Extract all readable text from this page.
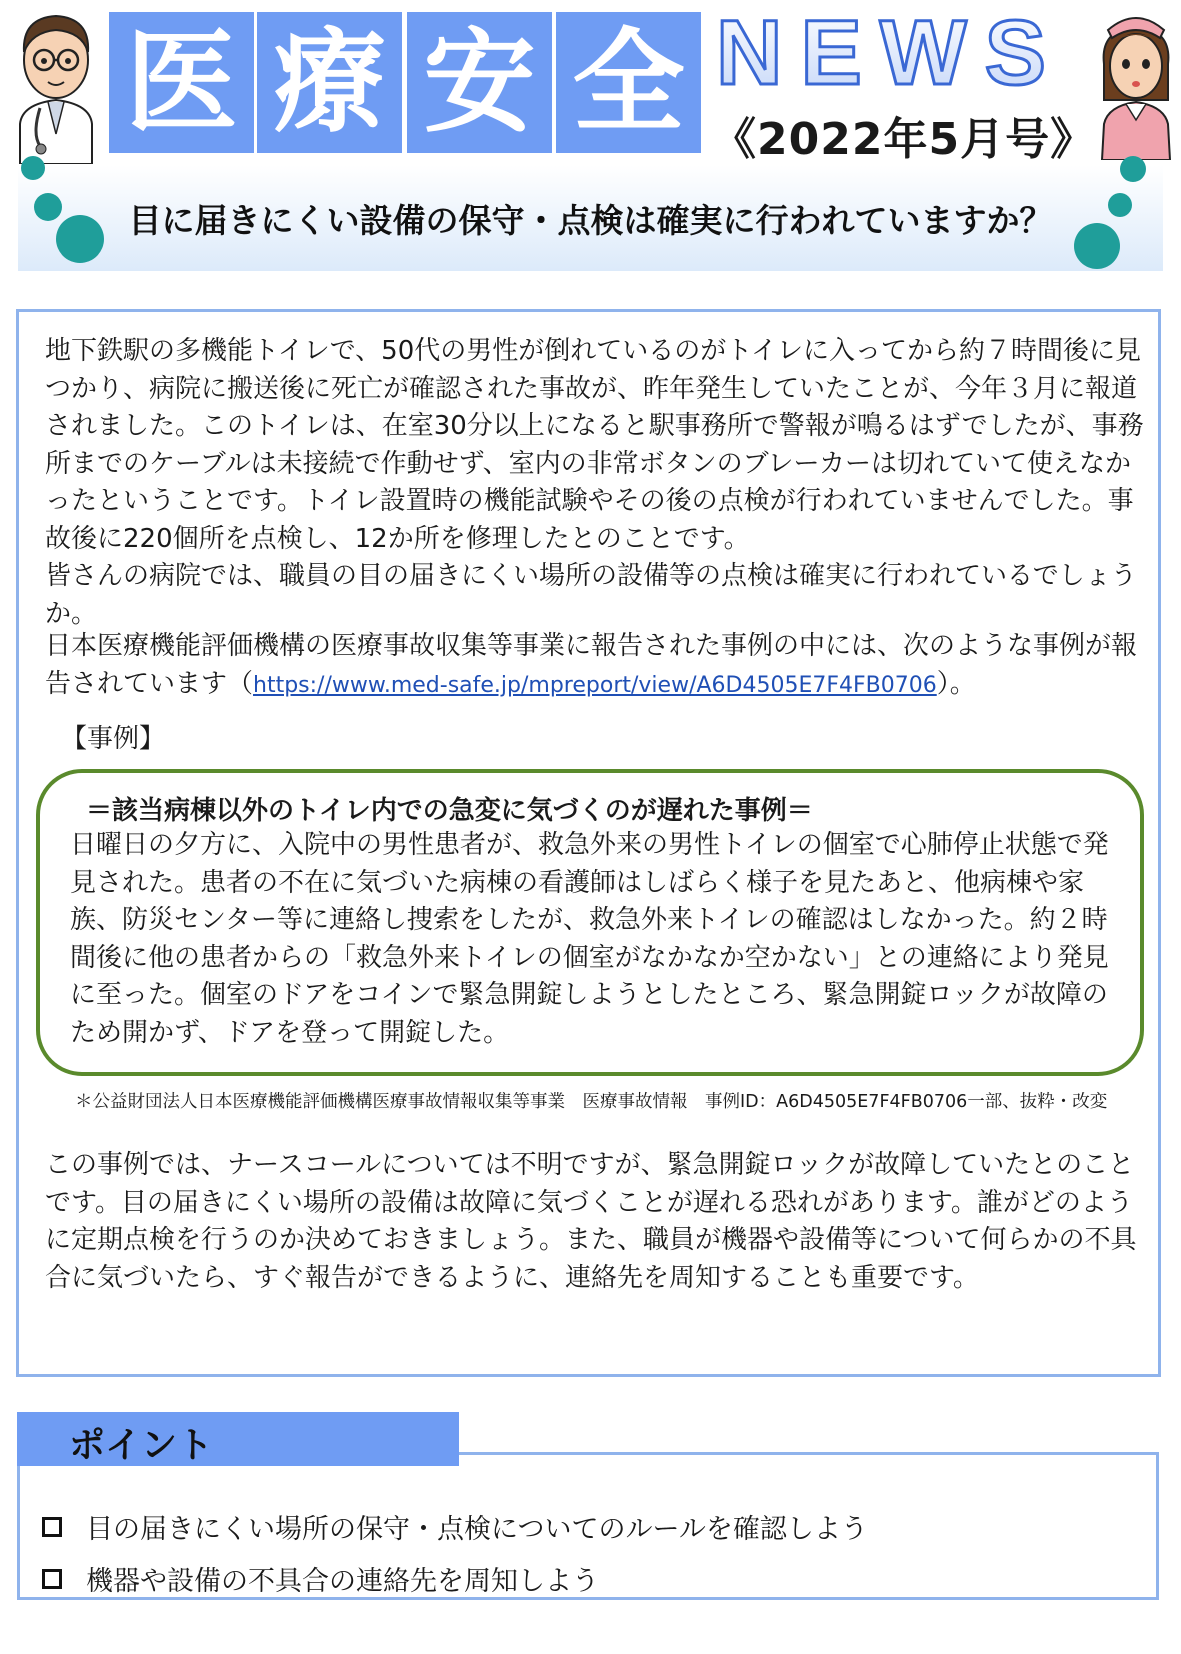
医 療 安 全 NEWS
《2022年5月号》
目に届きにくい設備の保守・点検は確実に行われていますか？
地下鉄駅の多機能トイレで、50代の男性が倒れているのがトイレに入ってから約７時間後に見つかり、病院に搬送後に死亡が確認された事故が、昨年発生していたことが、今年３月に報道されました。このトイレは、在室30分以上になると駅事務所で警報が鳴るはずでしたが、事務所までのケーブルは未接続で作動せず、室内の非常ボタンのブレーカーは切れていて使えなかったということです。トイレ設置時の機能試験やその後の点検が行われていませんでした。事故後に220個所を点検し、12か所を修理したとのことです。
皆さんの病院では、職員の目の届きにくい場所の設備等の点検は確実に行われているでしょうか。
日本医療機能評価機構の医療事故収集等事業に報告された事例の中には、次のような事例が報告されています（https://www.med-safe.jp/mpreport/view/A6D4505E7F4FB0706）。
【事例】
＝該当病棟以外のトイレ内での急変に気づくのが遅れた事例＝
日曜日の夕方に、入院中の男性患者が、救急外来の男性トイレの個室で心肺停止状態で発見された。患者の不在に気づいた病棟の看護師はしばらく様子を見たあと、他病棟や家族、防災センター等に連絡し捜索をしたが、救急外来トイレの確認はしなかった。約２時間後に他の患者からの「救急外来トイレの個室がなかなか空かない」との連絡により発見に至った。個室のドアをコインで緊急開錠しようとしたところ、緊急開錠ロックが故障のため開かず、ドアを登って開錠した。
＊公益財団法人日本医療機能評価機構医療事故情報収集等事業　医療事故情報　事例ID：A6D4505E7F4FB0706一部、抜粋・改変
この事例では、ナースコールについては不明ですが、緊急開錠ロックが故障していたとのことです。目の届きにくい場所の設備は故障に気づくことが遅れる恐れがあります。誰がどのように定期点検を行うのか決めておきましょう。また、職員が機器や設備等について何らかの不具合に気づいたら、すぐ報告ができるように、連絡先を周知することも重要です。
目の届きにくい場所の保守・点検についてのルールを確認しよう
機器や設備の不具合の連絡先を周知しよう
ポイント
